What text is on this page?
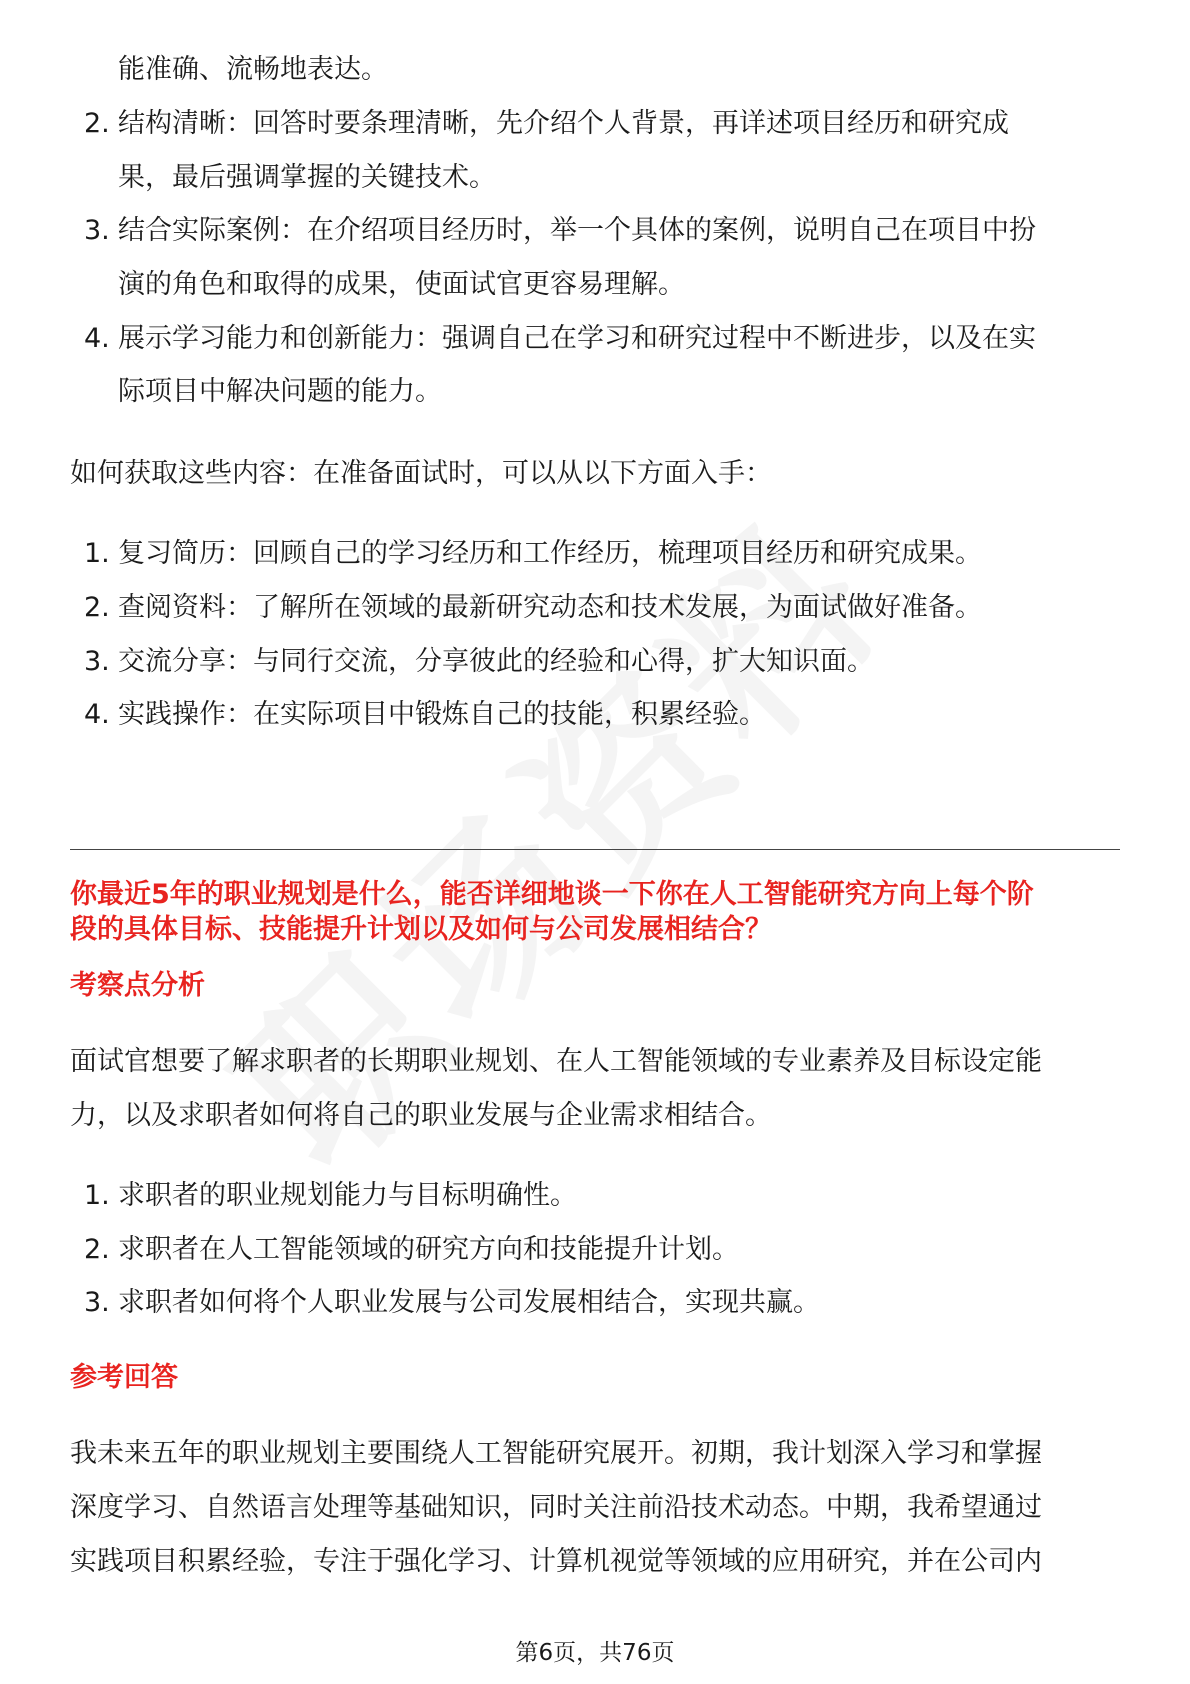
能准确、流畅地表达。
2. 结构清晰：回答时要条理清晰，先介绍个人背景，再详述项目经历和研究成
果，最后强调掌握的关键技术。
3. 结合实际案例：在介绍项目经历时，举一个具体的案例，说明自己在项目中扮
演的角色和取得的成果，使面试官更容易理解。
4. 展示学习能力和创新能力：强调自己在学习和研究过程中不断进步，以及在实
际项目中解决问题的能力。
如何获取这些内容：在准备面试时，可以从以下方面入手：
1. 复习简历：回顾自己的学习经历和工作经历，梳理项目经历和研究成果。
2. 查阅资料：了解所在领域的最新研究动态和技术发展，为面试做好准备。
3. 交流分享：与同行交流，分享彼此的经验和心得，扩大知识面。
4. 实践操作：在实际项目中锻炼自己的技能，积累经验。
你最近5年的职业规划是什么，能否详细地谈一下你在人工智能研究方向上每个阶
段的具体目标、技能提升计划以及如何与公司发展相结合？
考察点分析
面试官想要了解求职者的长期职业规划、在人工智能领域的专业素养及目标设定能
力，以及求职者如何将自己的职业发展与企业需求相结合。
1. 求职者的职业规划能力与目标明确性。
2. 求职者在人工智能领域的研究方向和技能提升计划。
3. 求职者如何将个人职业发展与公司发展相结合，实现共赢。
参考回答
我未来五年的职业规划主要围绕人工智能研究展开。初期，我计划深入学习和掌握
深度学习、自然语言处理等基础知识，同时关注前沿技术动态。中期，我希望通过
实践项目积累经验，专注于强化学习、计算机视觉等领域的应用研究，并在公司内
第6页，共76页
